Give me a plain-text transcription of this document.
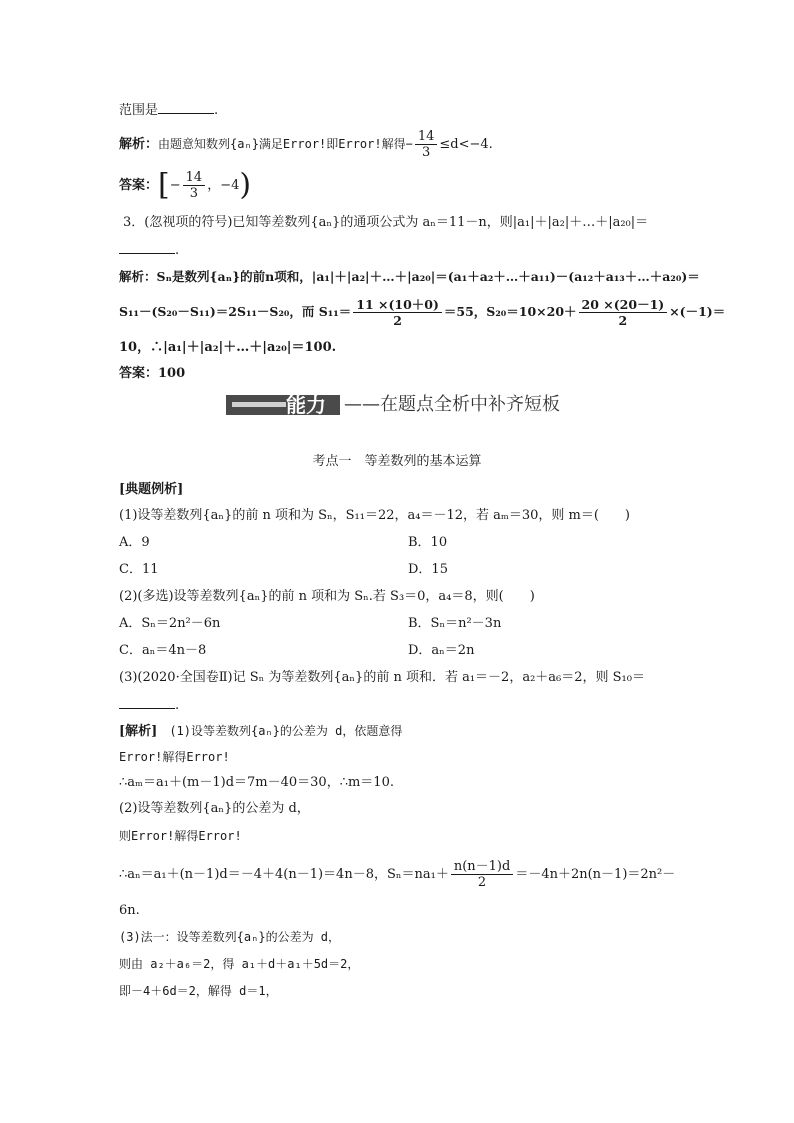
范围是	.
解析：由题意知数列{aₙ}满足Error!即Error!解得− $\frac{14}{3} \le d<-4$.
答案：[− $\frac{14}{3}$ ，−4)
3．(忽视项的符号)已知等差数列{aₙ}的通项公式为 aₙ＝11－n，则|a₁|＋|a₂|＋…＋|a₂₀|＝
.
解析：Sₙ是数列{aₙ}的前n项和，|a₁|＋|a₂|＋…＋|a₂₀|＝(a₁＋a₂＋…＋a₁₁)－(a₁₂＋a₁₃＋…＋a₂₀)＝
S₁₁－(S₂₀－S₁₁)＝2S₁₁－S₂₀，而 $S_{11}= \frac{11 \times(10+0)}{2} =55$，$S_{20}=10\times 20+ \frac{20 \times(20-1)}{2} \times(-1)=$
10，∴|a₁|＋|a₂|＋…＋|a₂₀|＝100.
答案：100
能力 ——在题点全析中补齐短板
考点一　等差数列的基本运算
[典题例析]
(1)设等差数列{aₙ}的前 n 项和为 Sₙ，S₁₁＝22，a₄＝－12，若 aₘ＝30，则 m＝(　　)
A．9	B．10
C．11	D．15
(2)(多选)设等差数列{aₙ}的前 n 项和为 Sₙ.若 S₃＝0，a₄＝8，则(　　)
A．Sₙ＝2n²－6n	B．Sₙ＝n²－3n
C．aₙ＝4n－8	D．aₙ＝2n
(3)(2020·全国卷Ⅱ)记 Sₙ 为等差数列{aₙ}的前 n 项和．若 a₁＝－2，a₂＋a₆＝2，则 S₁₀＝
.
[解析]　(1)设等差数列{aₙ}的公差为 d，依题意得
Error!解得Error!
∴aₘ＝a₁＋(m－1)d＝7m－40＝30，∴m＝10.
(2)设等差数列{aₙ}的公差为 d，
则Error!解得Error!
∴aₙ＝a₁＋(n－1)d＝－4＋4(n－1)＝4n－8，$S_n=na_1+ \frac{n(n-1)d}{2} =-4n+2n(n-1)=2n^2-$
6n.
(3)法一：设等差数列{aₙ}的公差为 d，
则由 a₂＋a₆＝2，得 a₁＋d＋a₁＋5d＝2，
即－4＋6d＝2，解得 d＝1，
